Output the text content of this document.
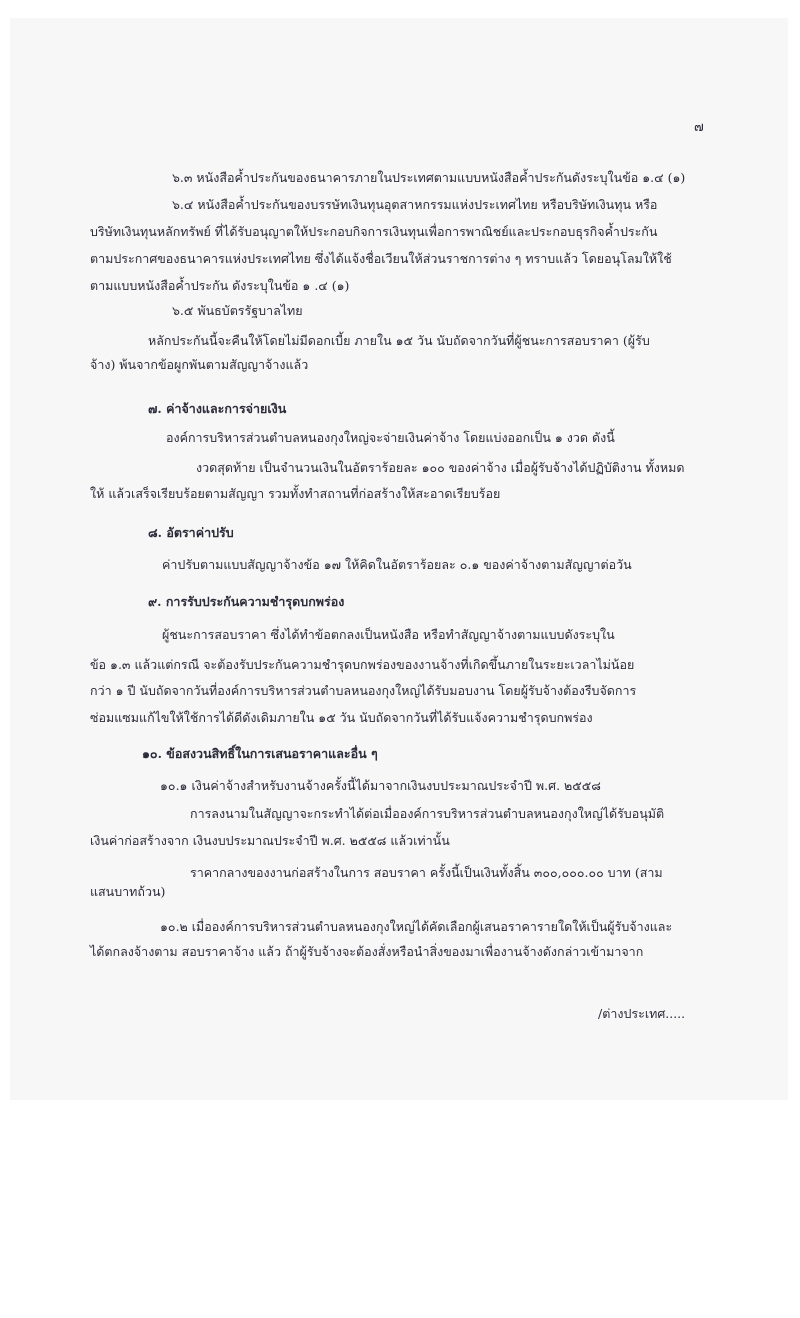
๗
๖.๓ หนังสือค้ำประกันของธนาคารภายในประเทศตามแบบหนังสือค้ำประกันดังระบุในข้อ ๑.๔ (๑)
๖.๔ หนังสือค้ำประกันของบรรษัทเงินทุนอุตสาหกรรมแห่งประเทศไทย หรือบริษัทเงินทุน หรือ
บริษัทเงินทุนหลักทรัพย์ ที่ได้รับอนุญาตให้ประกอบกิจการเงินทุนเพื่อการพาณิชย์และประกอบธุรกิจค้ำประกัน
ตามประกาศของธนาคารแห่งประเทศไทย ซึ่งได้แจ้งชื่อเวียนให้ส่วนราชการต่าง ๆ ทราบแล้ว โดยอนุโลมให้ใช้
ตามแบบหนังสือค้ำประกัน ดังระบุในข้อ ๑ .๔ (๑)
๖.๕ พันธบัตรรัฐบาลไทย
หลักประกันนี้จะคืนให้โดยไม่มีดอกเบี้ย ภายใน ๑๕ วัน นับถัดจากวันที่ผู้ชนะการสอบราคา (ผู้รับ
จ้าง) พ้นจากข้อผูกพันตามสัญญาจ้างแล้ว
๗. ค่าจ้างและการจ่ายเงิน
องค์การบริหารส่วนตำบลหนองกุงใหญ่จะจ่ายเงินค่าจ้าง โดยแบ่งออกเป็น ๑ งวด ดังนี้
งวดสุดท้าย เป็นจำนวนเงินในอัตราร้อยละ ๑๐๐ ของค่าจ้าง เมื่อผู้รับจ้างได้ปฏิบัติงาน ทั้งหมด
ให้ แล้วเสร็จเรียบร้อยตามสัญญา รวมทั้งทำสถานที่ก่อสร้างให้สะอาดเรียบร้อย
๘. อัตราค่าปรับ
ค่าปรับตามแบบสัญญาจ้างข้อ ๑๗ ให้คิดในอัตราร้อยละ ๐.๑ ของค่าจ้างตามสัญญาต่อวัน
๙. การรับประกันความชำรุดบกพร่อง
ผู้ชนะการสอบราคา ซึ่งได้ทำข้อตกลงเป็นหนังสือ หรือทำสัญญาจ้างตามแบบดังระบุใน
ข้อ ๑.๓ แล้วแต่กรณี จะต้องรับประกันความชำรุดบกพร่องของงานจ้างที่เกิดขึ้นภายในระยะเวลาไม่น้อย
กว่า ๑ ปี นับถัดจากวันที่องค์การบริหารส่วนตำบลหนองกุงใหญ่ได้รับมอบงาน โดยผู้รับจ้างต้องรีบจัดการ
ซ่อมแซมแก้ไขให้ใช้การได้ดีดังเดิมภายใน ๑๕ วัน นับถัดจากวันที่ได้รับแจ้งความชำรุดบกพร่อง
๑๐. ข้อสงวนสิทธิ์ในการเสนอราคาและอื่น ๆ
๑๐.๑ เงินค่าจ้างสำหรับงานจ้างครั้งนี้ได้มาจากเงินงบประมาณประจำปี พ.ศ. ๒๕๕๘
การลงนามในสัญญาจะกระทำได้ต่อเมื่อองค์การบริหารส่วนตำบลหนองกุงใหญ่ได้รับอนุมัติ
เงินค่าก่อสร้างจาก เงินงบประมาณประจำปี พ.ศ. ๒๕๕๘ แล้วเท่านั้น
ราคากลางของงานก่อสร้างในการ สอบราคา ครั้งนี้เป็นเงินทั้งสิ้น ๓๐๐,๐๐๐.๐๐ บาท (สาม
แสนบาทถ้วน)
๑๐.๒ เมื่อองค์การบริหารส่วนตำบลหนองกุงใหญ่ได้คัดเลือกผู้เสนอราคารายใดให้เป็นผู้รับจ้างและ
ได้ตกลงจ้างตาม สอบราคาจ้าง แล้ว ถ้าผู้รับจ้างจะต้องสั่งหรือนำสิ่งของมาเพื่องานจ้างดังกล่าวเข้ามาจาก
/ต่างประเทศ.....
